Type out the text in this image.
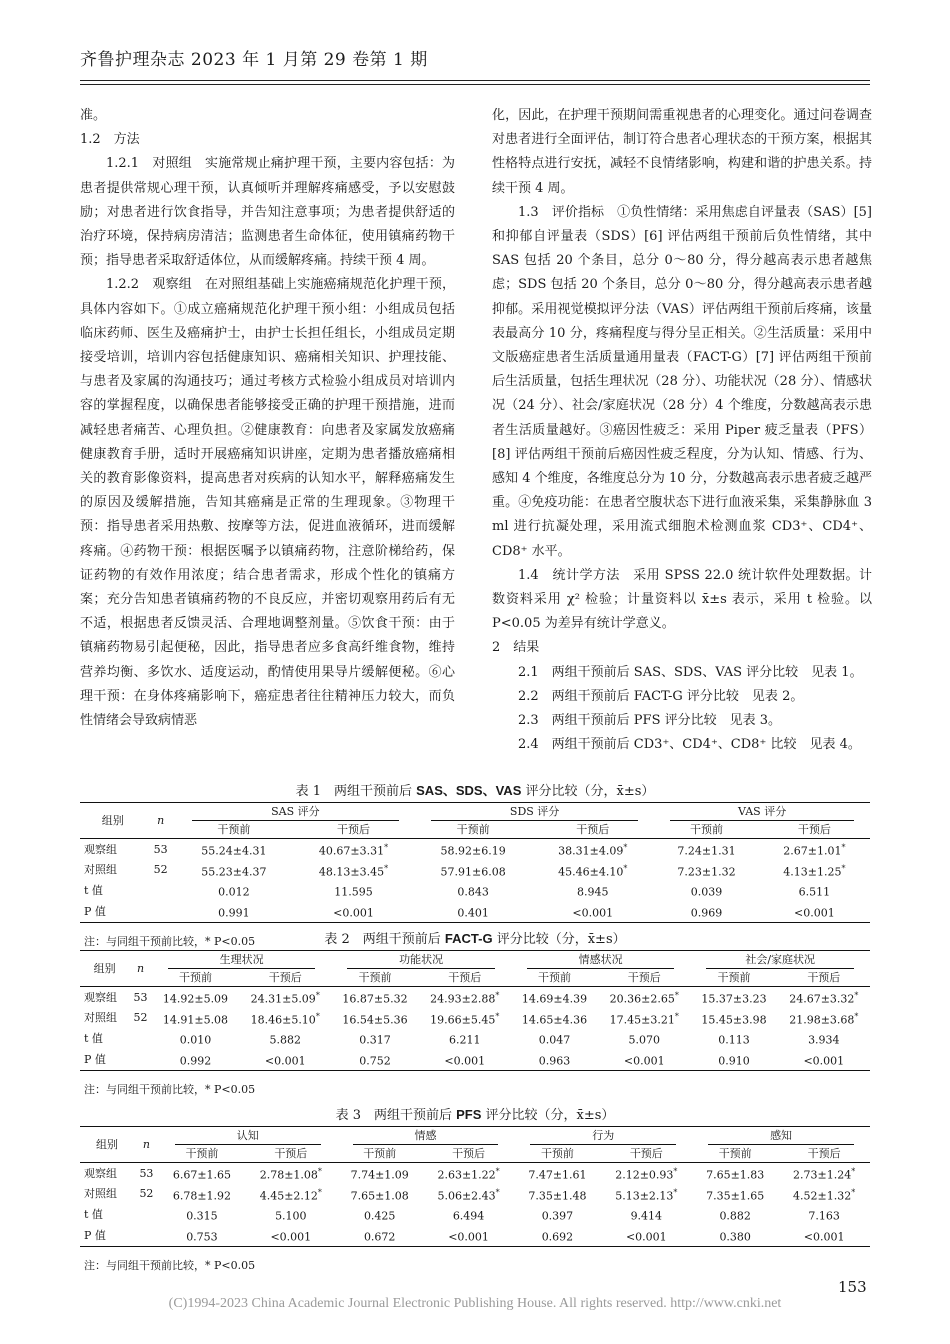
齐鲁护理杂志 2023 年 1 月第 29 卷第 1 期

准。

1.2　方法

1.2.1　对照组　实施常规止痛护理干预，主要内容包括：为患者提供常规心理干预，认真倾听并理解疼痛感受，予以安慰鼓励；对患者进行饮食指导，并告知注意事项；为患者提供舒适的治疗环境，保持病房清洁；监测患者生命体征，使用镇痛药物干预；指导患者采取舒适体位，从而缓解疼痛。持续干预 4 周。

1.2.2　观察组　在对照组基础上实施癌痛规范化护理干预，具体内容如下。①成立癌痛规范化护理干预小组：小组成员包括临床药师、医生及癌痛护士，由护士长担任组长，小组成员定期接受培训，培训内容包括健康知识、癌痛相关知识、护理技能、与患者及家属的沟通技巧；通过考核方式检验小组成员对培训内容的掌握程度，以确保患者能够接受正确的护理干预措施，进而减轻患者痛苦、心理负担。②健康教育：向患者及家属发放癌痛健康教育手册，适时开展癌痛知识讲座，定期为患者播放癌痛相关的教育影像资料，提高患者对疾病的认知水平，解释癌痛发生的原因及缓解措施，告知其癌痛是正常的生理现象。③物理干预：指导患者采用热敷、按摩等方法，促进血液循环，进而缓解疼痛。④药物干预：根据医嘱予以镇痛药物，注意阶梯给药，保证药物的有效作用浓度；结合患者需求，形成个性化的镇痛方案；充分告知患者镇痛药物的不良反应，并密切观察用药后有无不适，根据患者反馈灵活、合理地调整剂量。⑤饮食干预：由于镇痛药物易引起便秘，因此，指导患者应多食高纤维食物，维持营养均衡、多饮水、适度运动，酌情使用果导片缓解便秘。⑥心理干预：在身体疼痛影响下，癌症患者往往精神压力较大，而负性情绪会导致病情恶

化，因此，在护理干预期间需重视患者的心理变化。通过问卷调查对患者进行全面评估，制订符合患者心理状态的干预方案，根据其性格特点进行安抚，减轻不良情绪影响，构建和谐的护患关系。持续干预 4 周。

1.3　评价指标　①负性情绪：采用焦虑自评量表（SAS）[5] 和抑郁自评量表（SDS）[6] 评估两组干预前后负性情绪，其中 SAS 包括 20 个条目，总分 0～80 分，得分越高表示患者越焦虑；SDS 包括 20 个条目，总分 0～80 分，得分越高表示患者越抑郁。采用视觉模拟评分法（VAS）评估两组干预前后疼痛，该量表最高分 10 分，疼痛程度与得分呈正相关。②生活质量：采用中文版癌症患者生活质量通用量表（FACT-G）[7] 评估两组干预前后生活质量，包括生理状况（28 分）、功能状况（28 分）、情感状况（24 分）、社会/家庭状况（28 分）4 个维度，分数越高表示患者生活质量越好。③癌因性疲乏：采用 Piper 疲乏量表（PFS）[8] 评估两组干预前后癌因性疲乏程度，分为认知、情感、行为、感知 4 个维度，各维度总分为 10 分，分数越高表示患者疲乏越严重。④免疫功能：在患者空腹状态下进行血液采集，采集静脉血 3 ml 进行抗凝处理，采用流式细胞术检测血浆 CD3⁺、CD4⁺、CD8⁺ 水平。

1.4　统计学方法　采用 SPSS 22.0 统计软件处理数据。计数资料采用 χ² 检验；计量资料以 x̄±s 表示，采用 t 检验。以 P<0.05 为差异有统计学意义。

2　结果

2.1　两组干预前后 SAS、SDS、VAS 评分比较　见表 1。

2.2　两组干预前后 FACT-G 评分比较　见表 2。

2.3　两组干预前后 PFS 评分比较　见表 3。

2.4　两组干预前后 CD3⁺、CD4⁺、CD8⁺ 比较　见表 4。

表 1　两组干预前后 SAS、SDS、VAS 评分比较（分，x̄±s）
组别	n	SAS 评分		SDS 评分		VAS 评分	

		干预前	干预后	干预前	干预后	干预前	干预后
观察组	53	55.24±4.31	40.67±3.31*	58.92±6.19	38.31±4.09*	7.24±1.31	2.67±1.01*
对照组	52	55.23±4.37	48.13±3.45*	57.91±6.08	45.46±4.10*	7.23±1.32	4.13±1.25*
t 值		0.012	11.595	0.843	8.945	0.039	6.511
P 值		0.991	<0.001	0.401	<0.001	0.969	<0.001
注：与同组干预前比较，* P<0.05	表 2　两组干预前后 FACT-G 评分比较（分，x̄±s）
组别	n	生理状况		功能状况		情感状况		社会/家庭状况	

		干预前	干预后	干预前	干预后	干预前	干预后	干预前	干预后
观察组	53	14.92±5.09	24.31±5.09*	16.87±5.32	24.93±2.88*	14.69±4.39	20.36±2.65*	15.37±3.23	24.67±3.32*
对照组	52	14.91±5.08	18.46±5.10*	16.54±5.36	19.66±5.45*	14.65±4.36	17.45±3.21*	15.45±3.98	21.98±3.68*
t 值		0.010	5.882	0.317	6.211	0.047	5.070	0.113	3.934
P 值		0.992	<0.001	0.752	<0.001	0.963	<0.001	0.910	<0.001
注：与同组干预前比较，* P<0.05
表 3　两组干预前后 PFS 评分比较（分，x̄±s）
组别	n	认知		情感		行为		感知	

		干预前	干预后	干预前	干预后	干预前	干预后	干预前	干预后
观察组	53	6.67±1.65	2.78±1.08*	7.74±1.09	2.63±1.22*	7.47±1.61	2.12±0.93*	7.65±1.83	2.73±1.24*
对照组	52	6.78±1.92	4.45±2.12*	7.65±1.08	5.06±2.43*	7.35±1.48	5.13±2.13*	7.35±1.65	4.52±1.32*
t 值		0.315	5.100	0.425	6.494	0.397	9.414	0.882	7.163
P 值		0.753	<0.001	0.672	<0.001	0.692	<0.001	0.380	<0.001
注：与同组干预前比较，* P<0.05
153
(C)1994-2023 China Academic Journal Electronic Publishing House. All rights reserved. http://www.cnki.net
